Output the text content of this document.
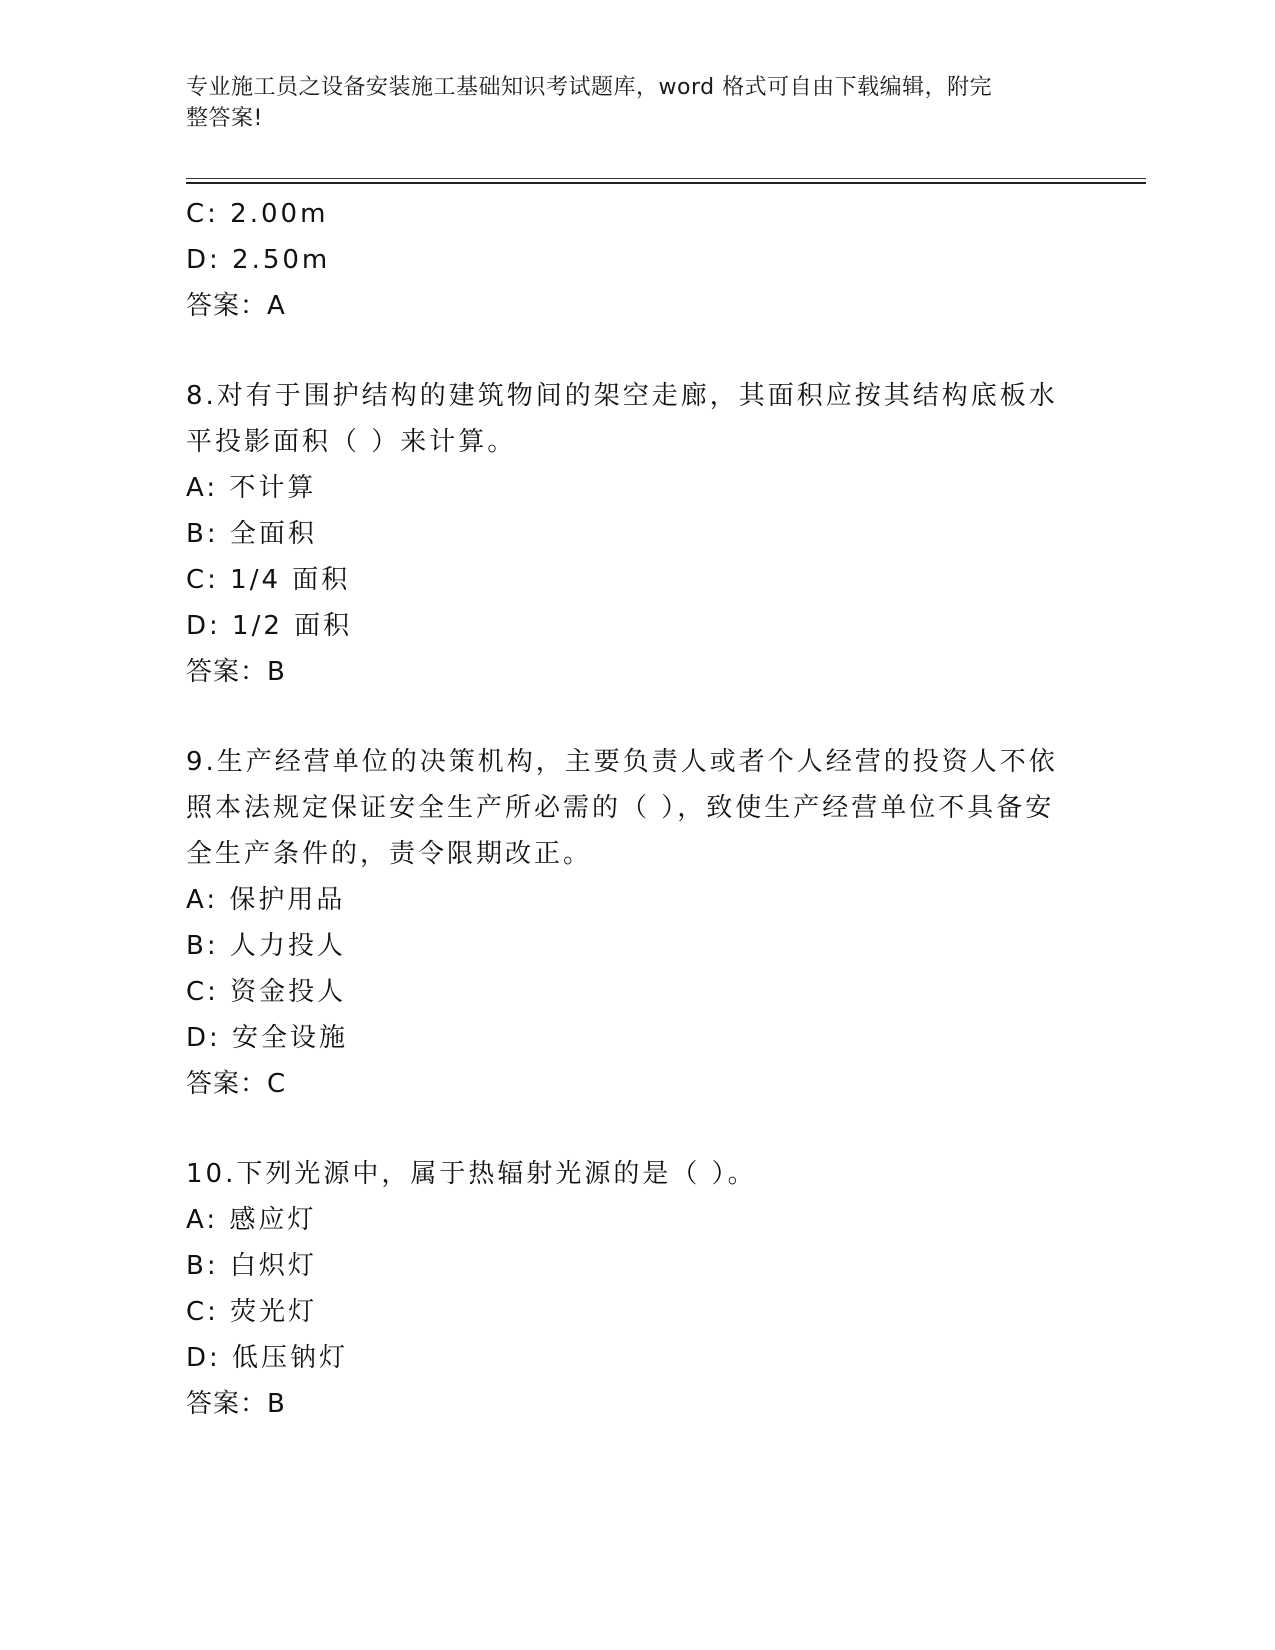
专业施工员之设备安装施工基础知识考试题库，word 格式可自由下载编辑，附完
整答案!
C: 2.00m
D: 2.50m
答案：A
8.对有于围护结构的建筑物间的架空走廊，其面积应按其结构底板水
平投影面积（ ）来计算。
A: 不计算
B: 全面积
C: 1/4 面积
D: 1/2 面积
答案：B
9.生产经营单位的决策机构，主要负责人或者个人经营的投资人不依
照本法规定保证安全生产所必需的（ ），致使生产经营单位不具备安
全生产条件的，责令限期改正。
A: 保护用品
B: 人力投人
C: 资金投人
D: 安全设施
答案：C
10.下列光源中，属于热辐射光源的是（ ）。
A: 感应灯
B: 白炽灯
C: 荧光灯
D: 低压钠灯
答案：B
